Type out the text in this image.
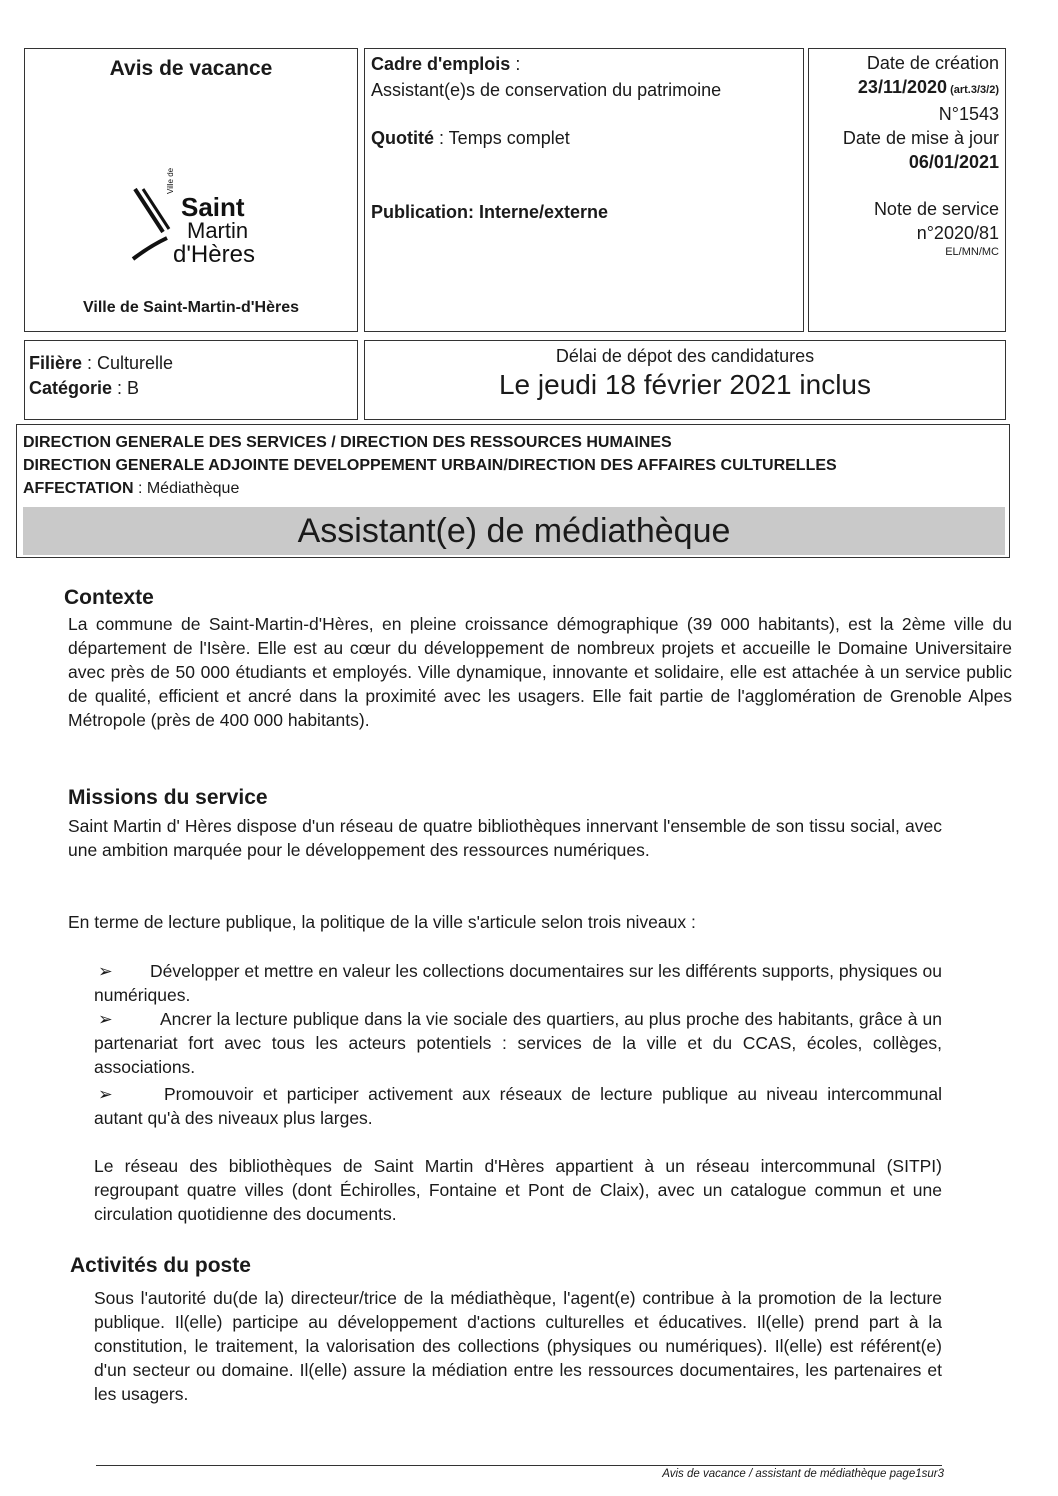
Avis de vacance
Ville de
Saint
Martin
d'Hères
Ville de Saint-Martin-d'Hères
Cadre d'emplois :
Assistant(e)s de conservation du patrimoine
Quotité : Temps complet
Publication: Interne/externe
Date de création
23/11/2020 (art.3/3/2)
N°1543
Date de mise à jour
06/01/2021
Note de service
n°2020/81
EL/MN/MC
Filière : Culturelle
Catégorie : B
Délai de dépot des candidatures
Le jeudi 18 février 2021 inclus
DIRECTION GENERALE DES SERVICES / DIRECTION DES RESSOURCES HUMAINES
DIRECTION GENERALE ADJOINTE DEVELOPPEMENT URBAIN/DIRECTION DES AFFAIRES CULTURELLES
AFFECTATION : Médiathèque
Assistant(e) de médiathèque
Contexte
La commune de Saint-Martin-d'Hères, en pleine croissance démographique (39 000 habitants), est la 2ème ville du département de l'Isère. Elle est au cœur du développement de nombreux projets et accueille le Domaine Universitaire avec près de 50 000 étudiants et employés. Ville dynamique, innovante et solidaire, elle est attachée à un service public de qualité, efficient et ancré dans la proximité avec les usagers. Elle fait partie de l'agglomération de Grenoble Alpes Métropole (près de 400 000 habitants).
Missions du service
Saint Martin d' Hères dispose d'un réseau de quatre bibliothèques innervant l'ensemble de son tissu social, avec une ambition marquée pour le développement des ressources numériques.
En terme de lecture publique, la politique de la ville s'articule selon trois niveaux :
➢ Développer et mettre en valeur les collections documentaires sur les différents supports, physiques ou numériques.
➢	Ancrer la lecture publique dans la vie sociale des quartiers, au plus proche des habitants, grâce à un partenariat fort avec tous les acteurs potentiels : services de la ville et du CCAS, écoles, collèges, associations.
➢	Promouvoir et participer activement aux réseaux de lecture publique au niveau intercommunal autant qu'à des niveaux plus larges.
Le réseau des bibliothèques de Saint Martin d'Hères appartient à un réseau intercommunal (SITPI) regroupant quatre villes (dont Échirolles, Fontaine et Pont de Claix), avec un catalogue commun et une circulation quotidienne des documents.
Activités du poste
Sous l'autorité du(de la) directeur/trice de la médiathèque, l'agent(e) contribue à la promotion de la lecture publique. Il(elle) participe au développement d'actions culturelles et éducatives. Il(elle) prend part à la constitution, le traitement, la valorisation des collections (physiques ou numériques). Il(elle) est référent(e) d'un secteur ou domaine. Il(elle) assure la médiation entre les ressources documentaires, les partenaires et les usagers.
Avis de vacance / assistant de médiathèque page1sur3
